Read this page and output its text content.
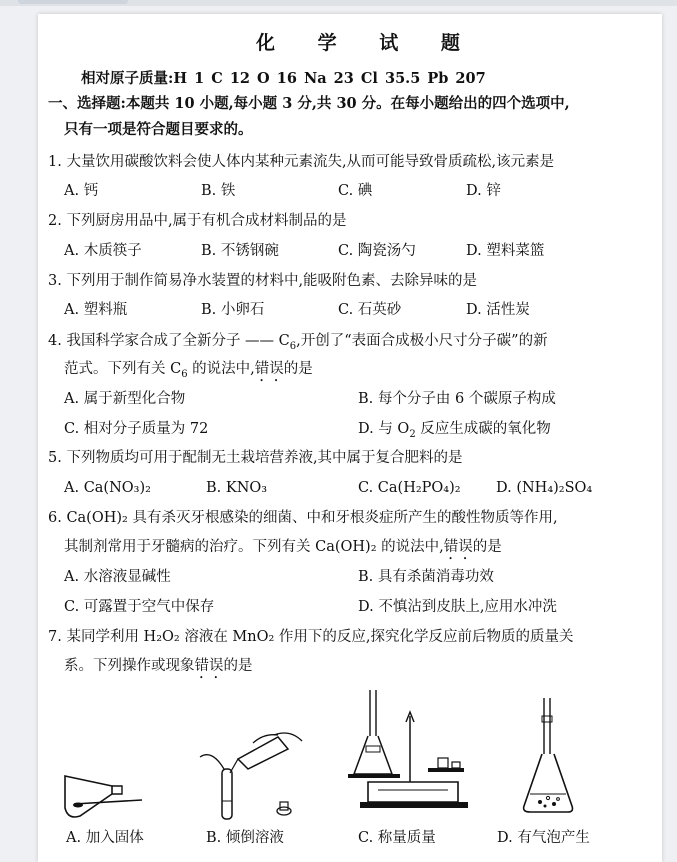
化 学 试 题
相对原子质量:H 1 C 12 O 16 Na 23 Cl 35.5 Pb 207
一、选择题:本题共 10 小题,每小题 3 分,共 30 分。在每小题给出的四个选项中,
只有一项是符合题目要求的。
1. 大量饮用碳酸饮料会使人体内某种元素流失,从而可能导致骨质疏松,该元素是
A. 钙	B. 铁	C. 碘	D. 锌
2. 下列厨房用品中,属于有机合成材料制品的是
A. 木质筷子	B. 不锈钢碗	C. 陶瓷汤勺	D. 塑料菜篮
3. 下列用于制作简易净水装置的材料中,能吸附色素、去除异味的是
A. 塑料瓶	B. 小卵石	C. 石英砂	D. 活性炭
4. 我国科学家合成了全新分子 —— $C_6$,开创了“表面合成极小尺寸分子碳”的新
范式。下列有关 $C_6$ 的说法中,错误的是
A. 属于新型化合物	B. 每个分子由 6 个碳原子构成
C. 相对分子质量为 72	D. 与 $O_2$ 反应生成碳的氧化物
5. 下列物质均可用于配制无土栽培营养液,其中属于复合肥料的是
A. Ca(NO₃)₂	B. KNO₃	C. Ca(H₂PO₄)₂ D. (NH₄)₂SO₄
6. Ca(OH)₂ 具有杀灭牙根感染的细菌、中和牙根炎症所产生的酸性物质等作用,
其制剂常用于牙髓病的治疗。下列有关 Ca(OH)₂ 的说法中,错误的是
A. 水溶液显碱性	B. 具有杀菌消毒功效
C. 可露置于空气中保存	D. 不慎沾到皮肤上,应用水冲洗
7. 某同学利用 H₂O₂ 溶液在 MnO₂ 作用下的反应,探究化学反应前后物质的质量关
系。下列操作或现象错误的是
A. 加入固体	B. 倾倒溶液	C. 称量质量	D. 有气泡产生
